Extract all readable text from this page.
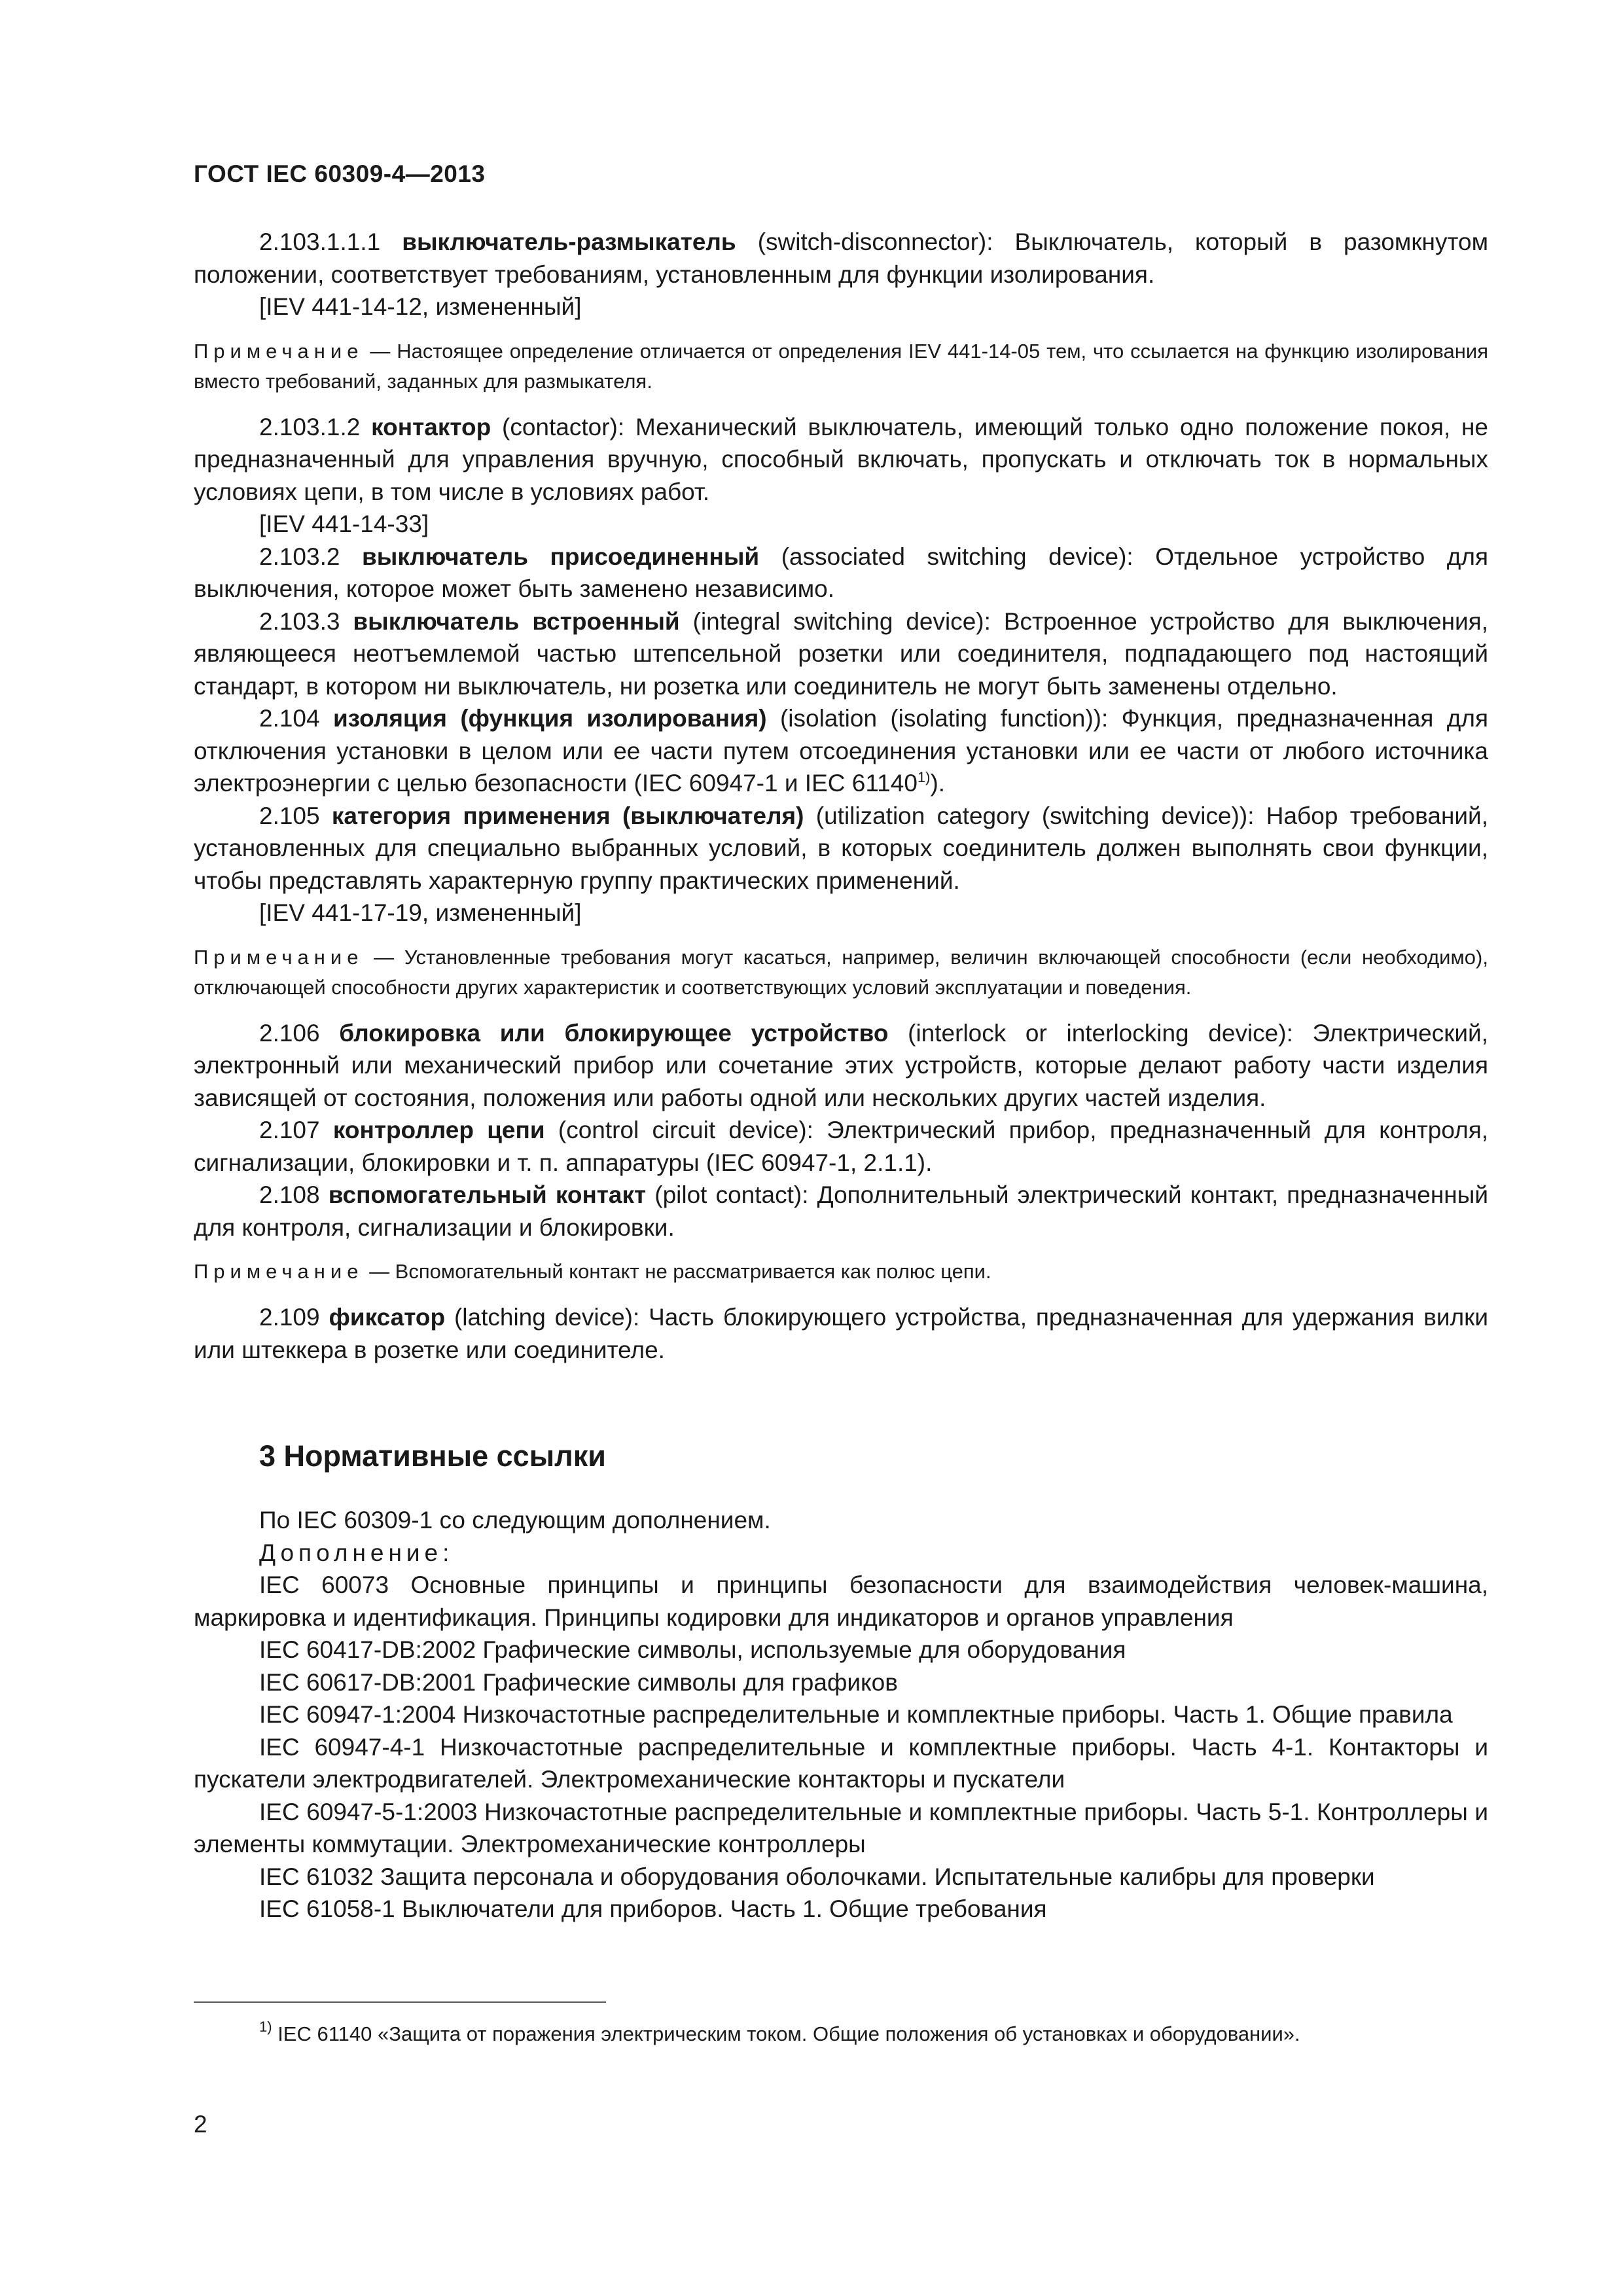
ГОСТ IEC 60309-4—2013

2.103.1.1.1 выключатель-размыкатель (switch-disconnector): Выключатель, который в разомкнутом положении, соответствует требованиям, установленным для функции изолирования.

[IEV 441-14-12, измененный]

Примечание — Настоящее определение отличается от определения IEV 441-14-05 тем, что ссылается на функцию изолирования вместо требований, заданных для размыкателя.

2.103.1.2 контактор (contactor): Механический выключатель, имеющий только одно положение покоя, не предназначенный для управления вручную, способный включать, пропускать и отключать ток в нормальных условиях цепи, в том числе в условиях работ.

[IEV 441-14-33]

2.103.2 выключатель присоединенный (associated switching device): Отдельное устройство для выключения, которое может быть заменено независимо.

2.103.3 выключатель встроенный (integral switching device): Встроенное устройство для выключения, являющееся неотъемлемой частью штепсельной розетки или соединителя, подпадающего под настоящий стандарт, в котором ни выключатель, ни розетка или соединитель не могут быть заменены отдельно.

2.104 изоляция (функция изолирования) (isolation (isolating function)): Функция, предназначенная для отключения установки в целом или ее части путем отсоединения установки или ее части от любого источника электроэнергии с целью безопасности (IEC 60947-1 и IEC 61140$^{1)}$).

2.105 категория применения (выключателя) (utilization category (switching device)): Набор требований, установленных для специально выбранных условий, в которых соединитель должен выполнять свои функции, чтобы представлять характерную группу практических применений.

[IEV 441-17-19, измененный]

Примечание — Установленные требования могут касаться, например, величин включающей способности (если необходимо), отключающей способности других характеристик и соответствующих условий эксплуатации и поведения.

2.106 блокировка или блокирующее устройство (interlock or interlocking device): Электрический, электронный или механический прибор или сочетание этих устройств, которые делают работу части изделия зависящей от состояния, положения или работы одной или нескольких других частей изделия.

2.107 контроллер цепи (control circuit device): Электрический прибор, предназначенный для контроля, сигнализации, блокировки и т. п. аппаратуры (IEC 60947-1, 2.1.1).

2.108 вспомогательный контакт (pilot contact): Дополнительный электрический контакт, предназначенный для контроля, сигнализации и блокировки.

Примечание — Вспомогательный контакт не рассматривается как полюс цепи.

2.109 фиксатор (latching device): Часть блокирующего устройства, предназначенная для удержания вилки или штеккера в розетке или соединителе.

3 Нормативные ссылки

По IEC 60309-1 со следующим дополнением.

Дополнение:

IEC 60073 Основные принципы и принципы безопасности для взаимодействия человек-машина, маркировка и идентификация. Принципы кодировки для индикаторов и органов управления

IEC 60417-DB:2002 Графические символы, используемые для оборудования

IEC 60617-DB:2001 Графические символы для графиков

IEC 60947-1:2004 Низкочастотные распределительные и комплектные приборы. Часть 1. Общие правила

IEC 60947-4-1 Низкочастотные распределительные и комплектные приборы. Часть 4-1. Контакторы и пускатели электродвигателей. Электромеханические контакторы и пускатели

IEC 60947-5-1:2003 Низкочастотные распределительные и комплектные приборы. Часть 5-1. Контроллеры и элементы коммутации. Электромеханические контроллеры

IEC 61032 Защита персонала и оборудования оболочками. Испытательные калибры для проверки

IEC 61058-1 Выключатели для приборов. Часть 1. Общие требования

$^{1)}$ IEC 61140 «Защита от поражения электрическим током. Общие положения об установках и оборудовании».
2
